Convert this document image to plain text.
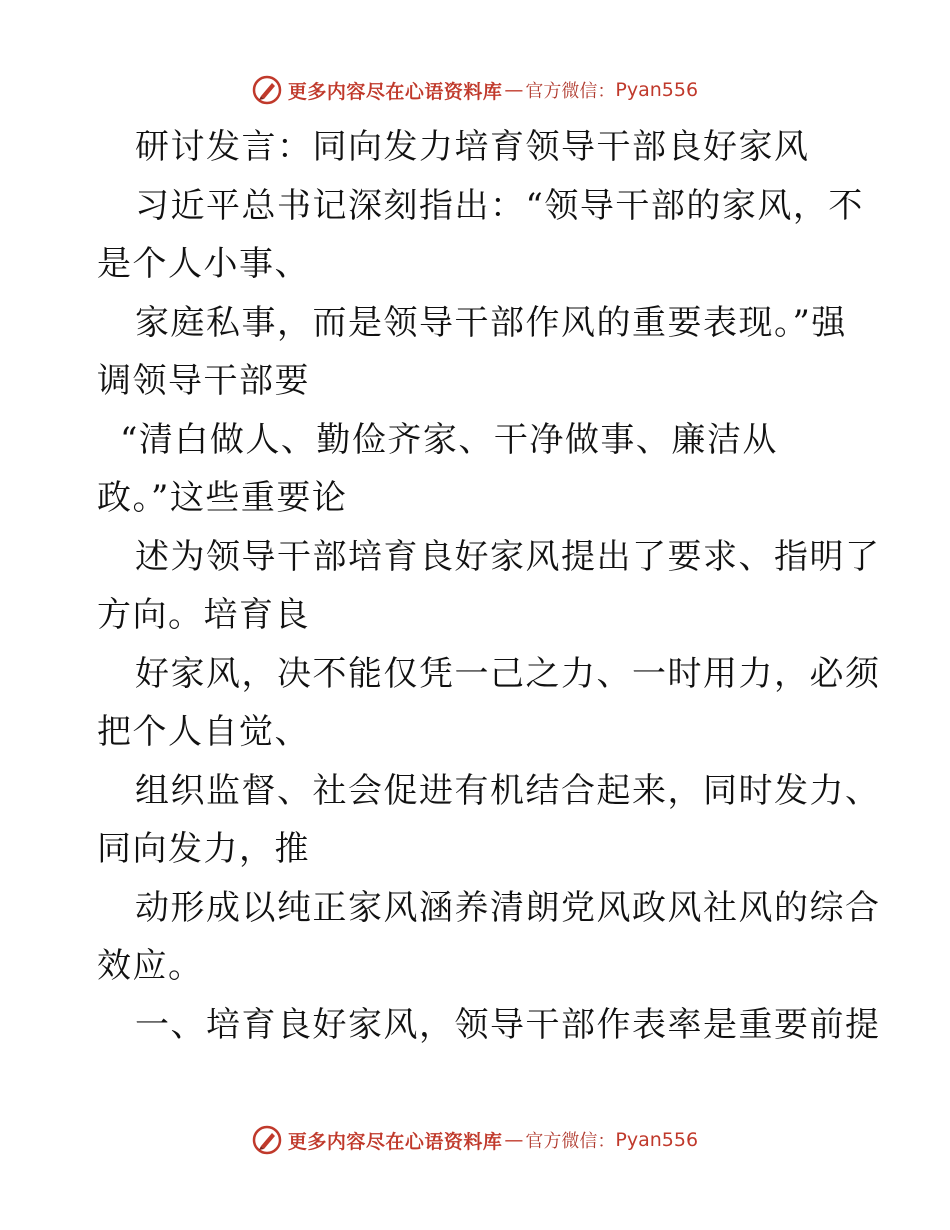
更多内容尽在心语资料库 — 官方微信： Pyan556
研讨发言：同向发力培育领导干部良好家风
习近平总书记深刻指出：“领导干部的家风，不
是个人小事、
家庭私事，而是领导干部作风的重要表现。”强
调领导干部要
“清白做人、勤俭齐家、干净做事、廉洁从
政。”这些重要论
述为领导干部培育良好家风提出了要求、指明了
方向。培育良
好家风，决不能仅凭一己之力、一时用力，必须
把个人自觉、
组织监督、社会促进有机结合起来，同时发力、
同向发力，推
动形成以纯正家风涵养清朗党风政风社风的综合
效应。
一、培育良好家风，领导干部作表率是重要前提
更多内容尽在心语资料库 — 官方微信： Pyan556
